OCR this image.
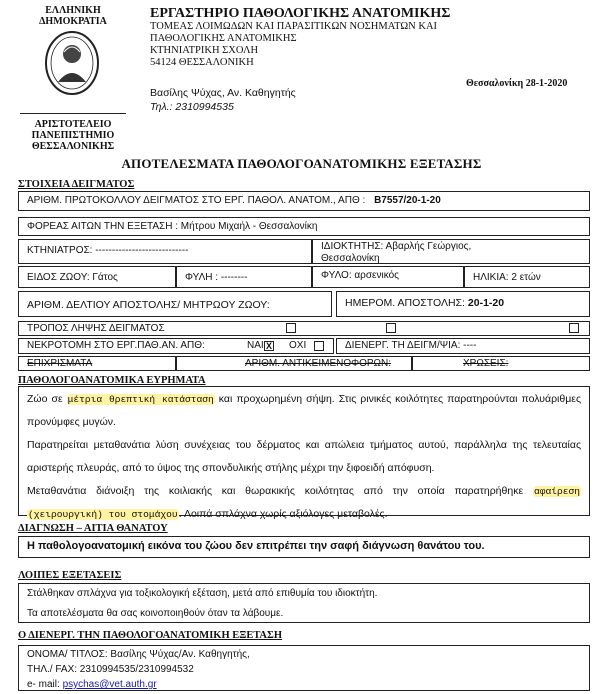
ΕΛΛΗΝΙΚΗ
ΔΗΜΟΚΡΑΤΙΑ
ΑΡΙΣΤΟΤΕΛΕΙΟ
ΠΑΝΕΠΙΣΤΗΜΙΟ
ΘΕΣΣΑΛΟΝΙΚΗΣ
ΕΡΓΑΣΤΗΡΙΟ ΠΑΘΟΛΟΓΙΚΗΣ ΑΝΑΤΟΜΙΚΗΣ
ΤΟΜΕΑΣ ΛΟΙΜΩΔΩΝ ΚΑΙ ΠΑΡΑΣΙΤΙΚΩΝ ΝΟΣΗΜΑΤΩΝ ΚΑΙ
ΠΑΘΟΛΟΓΙΚΗΣ ΑΝΑΤΟΜΙΚΗΣ
ΚΤΗΝΙΑΤΡΙΚΗ ΣΧΟΛΗ
54124 ΘΕΣΣΑΛΟΝΙΚΗ
Θεσσαλονίκη 28-1-2020
Βασίλης Ψύχας, Αν. Καθηγητής
Τηλ.: 2310994535
ΑΠΟΤΕΛΕΣΜΑΤΑ ΠΑΘΟΛΟΓΟΑΝΑΤΟΜΙΚΗΣ ΕΞΕΤΑΣΗΣ
ΣΤΟΙΧΕΙΑ ΔΕΙΓΜΑΤΟΣ
ΑΡΙΘΜ. ΠΡΩΤΟΚΟΛΛΟΥ ΔΕΙΓΜΑΤΟΣ ΣΤΟ ΕΡΓ. ΠΑΘΟΛ. ΑΝΑΤΟΜ., ΑΠΘ : B7557/20-1-20
ΦΟΡΕΑΣ ΑΙΤΩΝ ΤΗΝ ΕΞΕΤΑΣΗ : Μήτρου Μιχαήλ - Θεσσαλονίκη
ΚΤΗΝΙΑΤΡΟΣ: ----------------------------	ΙΔΙΟΚΤΗΤΗΣ: Αβαρλής Γεώργιος,
Θεσσαλονίκη
ΕΙΔΟΣ ΖΩΟΥ: Γάτος	ΦΥΛΗ : --------	ΦΥΛΟ: αρσενικός	ΗΛΙΚΙΑ: 2 ετών
ΑΡΙΘΜ. ΔΕΛΤΙΟΥ ΑΠΟΣΤΟΛΗΣ/ ΜΗΤΡΩΟΥ ΖΩΟΥ:	ΗΜΕΡΟΜ. ΑΠΟΣΤΟΛΗΣ: 20-1-20
ΤΡΟΠΟΣ ΛΗΨΗΣ ΔΕΙΓΜΑΤΟΣ
ΝΕΚΡΟΤΟΜΗ ΣΤΟ ΕΡΓ.ΠΑΘ.ΑΝ. ΑΠΘ:	ΝΑΙ X ΟΧΙ	ΔΙΕΝΕΡΓ. ΤΗ ΔΕΙΓΜ/ΨΙΑ: ----
ΕΠΙΧΡΙΣΜΑΤΑ	ΑΡΙΘΜ. ΑΝΤΙΚΕΙΜΕΝΟΦΟΡΩΝ:	ΧΡΩΣΕΙΣ:
ΠΑΘΟΛΟΓΟΑΝΑΤΟΜΙΚΑ ΕΥΡΗΜΑΤΑ
Ζώο σε μέτρια θρεπτική κατάσταση και προχωρημένη σήψη. Στις ρινικές κοιλότητες παρατηρούνται πολυάριθμες προνύμφες μυγών.
Παρατηρείται μεταθανάτια λύση συνέχειας του δέρματος και απώλεια τμήματος αυτού, παράλληλα της τελευταίας αριστερής πλευράς, από το ύψος της σπονδυλικής στήλης μέχρι την ξιφοειδή απόφυση.
Μεταθανάτια διάνοιξη της κοιλιακής και θωρακικής κοιλότητας από την οποία παρατηρήθηκε αφαίρεση (χειρουργική) του στομάχου. Λοιπά σπλάχνα χωρίς αξιόλογες μεταβολές.
ΔΙΑΓΝΩΣΗ – ΑΙΤΙΑ ΘΑΝΑΤΟΥ
Η παθολογοανατομική εικόνα του ζώου δεν επιτρέπει την σαφή διάγνωση θανάτου του.
ΛΟΙΠΕΣ ΕΞΕΤΑΣΕΙΣ
Στάλθηκαν σπλάχνα για τοξικολογική εξέταση, μετά από επιθυμία του ιδιοκτήτη.
Τα αποτελέσματα θα σας κοινοποιηθούν όταν τα λάβουμε.
Ο ΔΙΕΝΕΡΓ. ΤΗΝ ΠΑΘΟΛΟΓΟΑΝΑΤΟΜΙΚΗ ΕΞΕΤΑΣΗ
ΟΝΟΜΑ/ ΤΙΤΛΟΣ: Βασίλης Ψύχας/Αν. Καθηγητής,
ΤΗΛ./ FAX: 2310994535/2310994532
e- mail: psychas@vet.auth.gr
